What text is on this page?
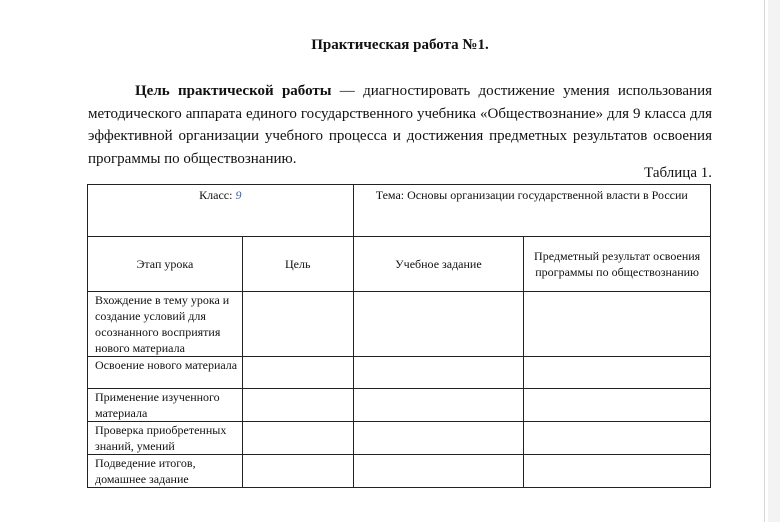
Практическая работа №1.
Цель практической работы — диагностировать достижение умения использования методического аппарата единого государственного учебника «Обществознание» для 9 класса для эффективной организации учебного процесса и достижения предметных результатов освоения программы по обществознанию.
Таблица 1.
Класс: 9		Тема: Основы организации государственной власти в России	
Этап урока	Цель	Учебное задание	Предметный результат освоения программы по обществознанию
Вхождение в тему урока и создание условий для осознанного восприятия нового материала			
Освоение нового материала			
Применение изученного материала			
Проверка приобретенных знаний, умений			
Подведение итогов, домашнее задание			
